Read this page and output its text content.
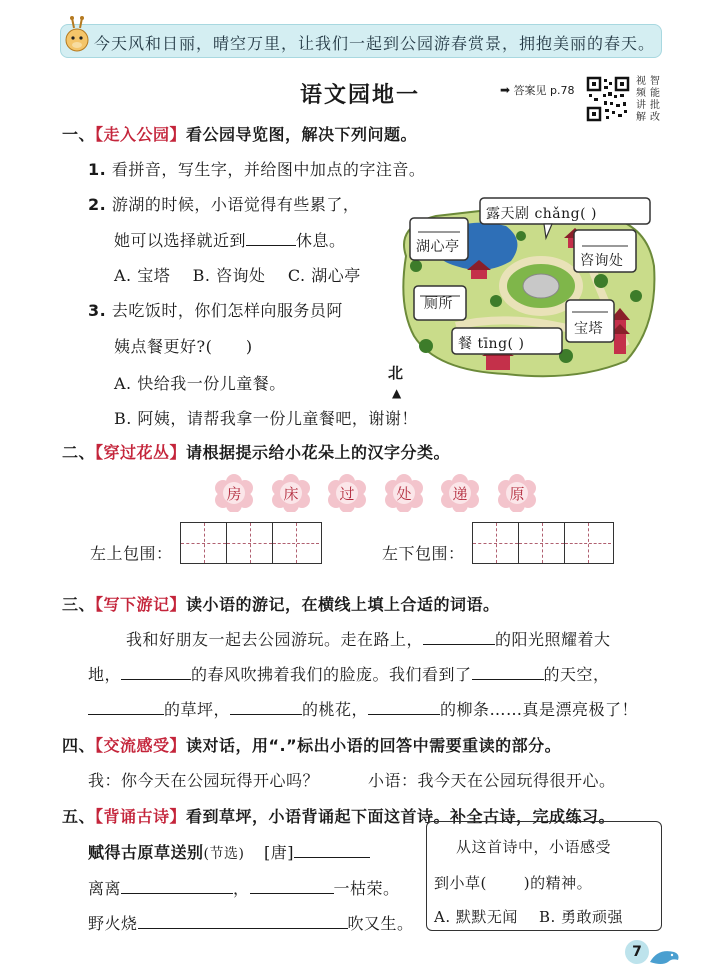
今天风和日丽，晴空万里，让我们一起到公园游春赏景，拥抱美丽的春天。
语文园地一	➡ 答案见 p.78
视频讲解
智能批改
一、【走入公园】看公园导览图，解决下列问题。
1. 看拼音，写生字，并给图中加点的字注音。
2. 游湖的时候，小语觉得有些累了，
她可以选择就近到	休息。
A. 宝塔    B. 咨询处    C. 湖心亭
3. 去吃饭时，你们怎样向服务员阿
姨点餐更好?(      )
A. 快给我一份儿童餐。
B. 阿姨，请帮我拿一份儿童餐吧，谢谢！
露天剧 chǎng( )
湖心亭
咨询处
厕所
宝塔
餐 tīng( )
北
▲
二、【穿过花丛】请根据提示给小花朵上的汉字分类。
房	床	过	处	递	原
左上包围：	左下包围：
三、【写下游记】读小语的游记，在横线上填上合适的词语。
我和好朋友一起去公园游玩。走在路上，	的阳光照耀着大
地，	的春风吹拂着我们的脸庞。我们看到了	的天空，
的草坪，	的桃花，	的柳条……真是漂亮极了！
四、【交流感受】读对话，用“.”标出小语的回答中需要重读的部分。
我：你今天在公园玩得开心吗？	小语：我今天在公园玩得很开心。
五、【背诵古诗】看到草坪，小语背诵起下面这首诗。补全古诗，完成练习。
赋得古原草送别(节选) [唐]
离离	，	一枯荣。
野火烧	吹又生。
从这首诗中，小语感受
到小草(       )的精神。
A. 默默无闻    B. 勇敢顽强
7
